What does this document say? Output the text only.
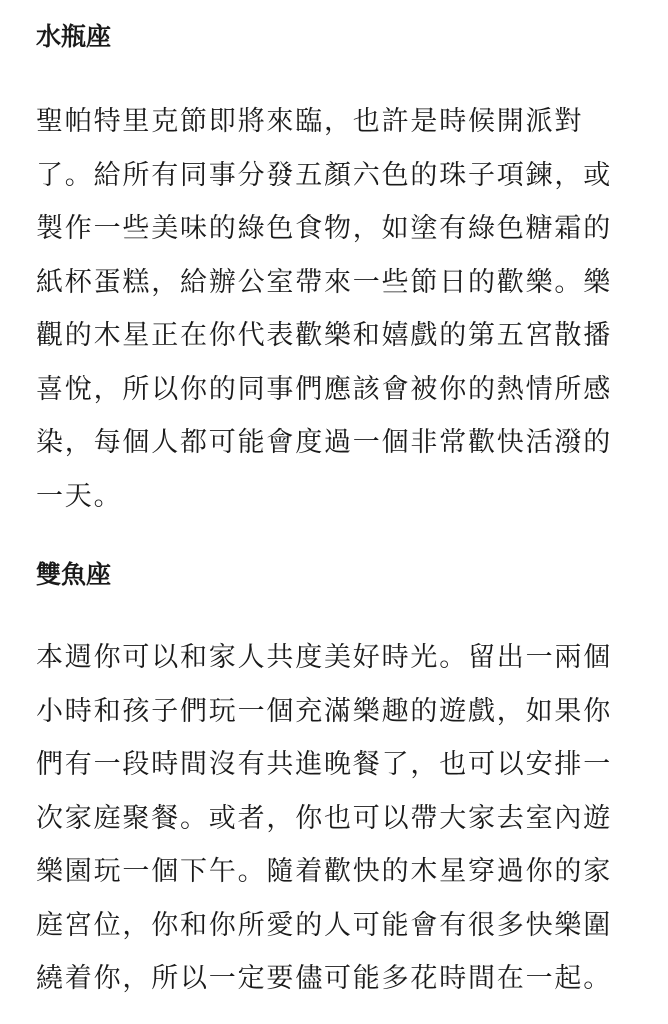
水瓶座
聖帕特里克節即將來臨，也許是時候開派對
了。給所有同事分發五顏六色的珠子項鍊，或
製作一些美味的綠色食物，如塗有綠色糖霜的
紙杯蛋糕，給辦公室帶來一些節日的歡樂。樂
觀的木星正在你代表歡樂和嬉戲的第五宮散播
喜悅，所以你的同事們應該會被你的熱情所感
染，每個人都可能會度過一個非常歡快活潑的
一天。
雙魚座
本週你可以和家人共度美好時光。留出一兩個
小時和孩子們玩一個充滿樂趣的遊戲，如果你
們有一段時間沒有共進晚餐了，也可以安排一
次家庭聚餐。或者，你也可以帶大家去室內遊
樂園玩一個下午。隨着歡快的木星穿過你的家
庭宮位，你和你所愛的人可能會有很多快樂圍
繞着你，所以一定要儘可能多花時間在一起。
